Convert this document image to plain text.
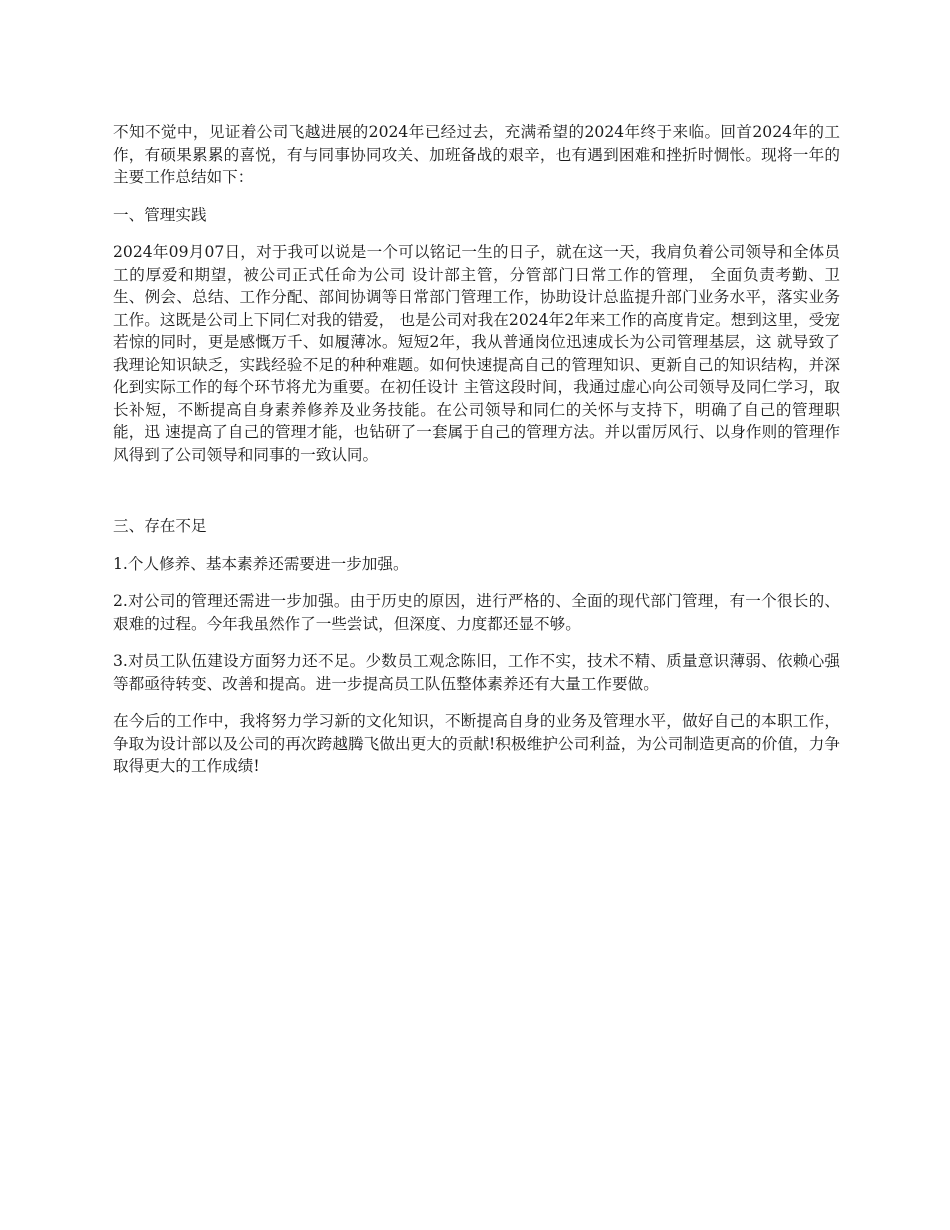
不知不觉中，见证着公司飞越进展的2024年已经过去，充满希望的2024年终于来临。回首2024年的工作，有硕果累累的喜悦，有与同事协同攻关、加班备战的艰辛，也有遇到困难和挫折时惆怅。现将一年的主要工作总结如下：

一、管理实践

2024年09月07日，对于我可以说是一个可以铭记一生的日子，就在这一天，我肩负着公司领导和全体员工的厚爱和期望，被公司正式任命为公司 设计部主管，分管部门日常工作的管理， 全面负责考勤、卫生、例会、总结、工作分配、部间协调等日常部门管理工作，协助设计总监提升部门业务水平，落实业务工作。这既是公司上下同仁对我的错爱， 也是公司对我在2024年2年来工作的高度肯定。想到这里，受宠若惊的同时，更是感慨万千、如履薄冰。短短2年，我从普通岗位迅速成长为公司管理基层，这 就导致了我理论知识缺乏，实践经验不足的种种难题。如何快速提高自己的管理知识、更新自己的知识结构，并深化到实际工作的每个环节将尤为重要。在初任设计 主管这段时间，我通过虚心向公司领导及同仁学习，取长补短，不断提高自身素养修养及业务技能。在公司领导和同仁的关怀与支持下，明确了自己的管理职能，迅 速提高了自己的管理才能，也钻研了一套属于自己的管理方法。并以雷厉风行、以身作则的管理作风得到了公司领导和同事的一致认同。

三、存在不足

1.个人修养、基本素养还需要进一步加强。

2.对公司的管理还需进一步加强。由于历史的原因，进行严格的、全面的现代部门管理，有一个很长的、艰难的过程。今年我虽然作了一些尝试，但深度、力度都还显不够。

3.对员工队伍建设方面努力还不足。少数员工观念陈旧，工作不实，技术不精、质量意识薄弱、依赖心强等都亟待转变、改善和提高。进一步提高员工队伍整体素养还有大量工作要做。

在今后的工作中，我将努力学习新的文化知识，不断提高自身的业务及管理水平，做好自己的本职工作，争取为设计部以及公司的再次跨越腾飞做出更大的贡献!积极维护公司利益，为公司制造更高的价值，力争取得更大的工作成绩!
